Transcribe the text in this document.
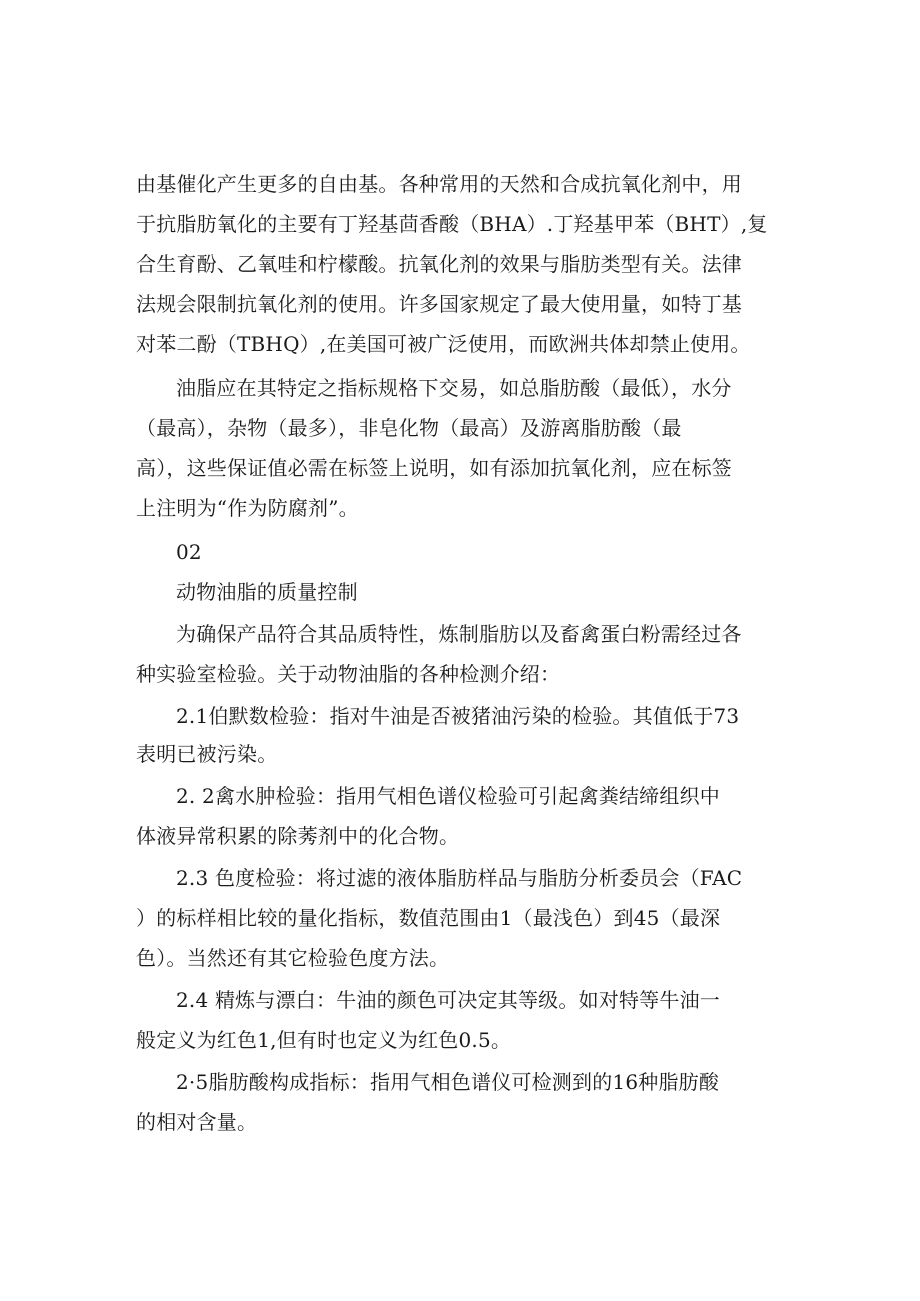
由基催化产生更多的自由基。各种常用的天然和合成抗氧化剂中，用
于抗脂肪氧化的主要有丁羟基茴香酸（BHA）.丁羟基甲苯（BHT）,复
合生育酚、乙氧哇和柠檬酸。抗氧化剂的效果与脂肪类型有关。法律
法规会限制抗氧化剂的使用。许多国家规定了最大使用量，如特丁基
对苯二酚（TBHQ）,在美国可被广泛使用，而欧洲共体却禁止使用。
油脂应在其特定之指标规格下交易，如总脂肪酸（最低），水分
（最高），杂物（最多），非皂化物（最高）及游离脂肪酸（最
高），这些保证值必需在标签上说明，如有添加抗氧化剂，应在标签
上注明为“作为防腐剂”。
02
动物油脂的质量控制
为确保产品符合其品质特性，炼制脂肪以及畜禽蛋白粉需经过各
种实验室检验。关于动物油脂的各种检测介绍：
2.1伯默数检验：指对牛油是否被猪油污染的检验。其值低于73
表明已被污染。
2. 2禽水肿检验：指用气相色谱仪检验可引起禽粪结缔组织中
体液异常积累的除莠剂中的化合物。
2.3 色度检验：将过滤的液体脂肪样品与脂肪分析委员会（FAC
）的标样相比较的量化指标，数值范围由1（最浅色）到45（最深
色）。当然还有其它检验色度方法。
2.4 精炼与漂白：牛油的颜色可决定其等级。如对特等牛油一
般定义为红色1,但有时也定义为红色0.5。
2·5脂肪酸构成指标：指用气相色谱仪可检测到的16种脂肪酸
的相对含量。
